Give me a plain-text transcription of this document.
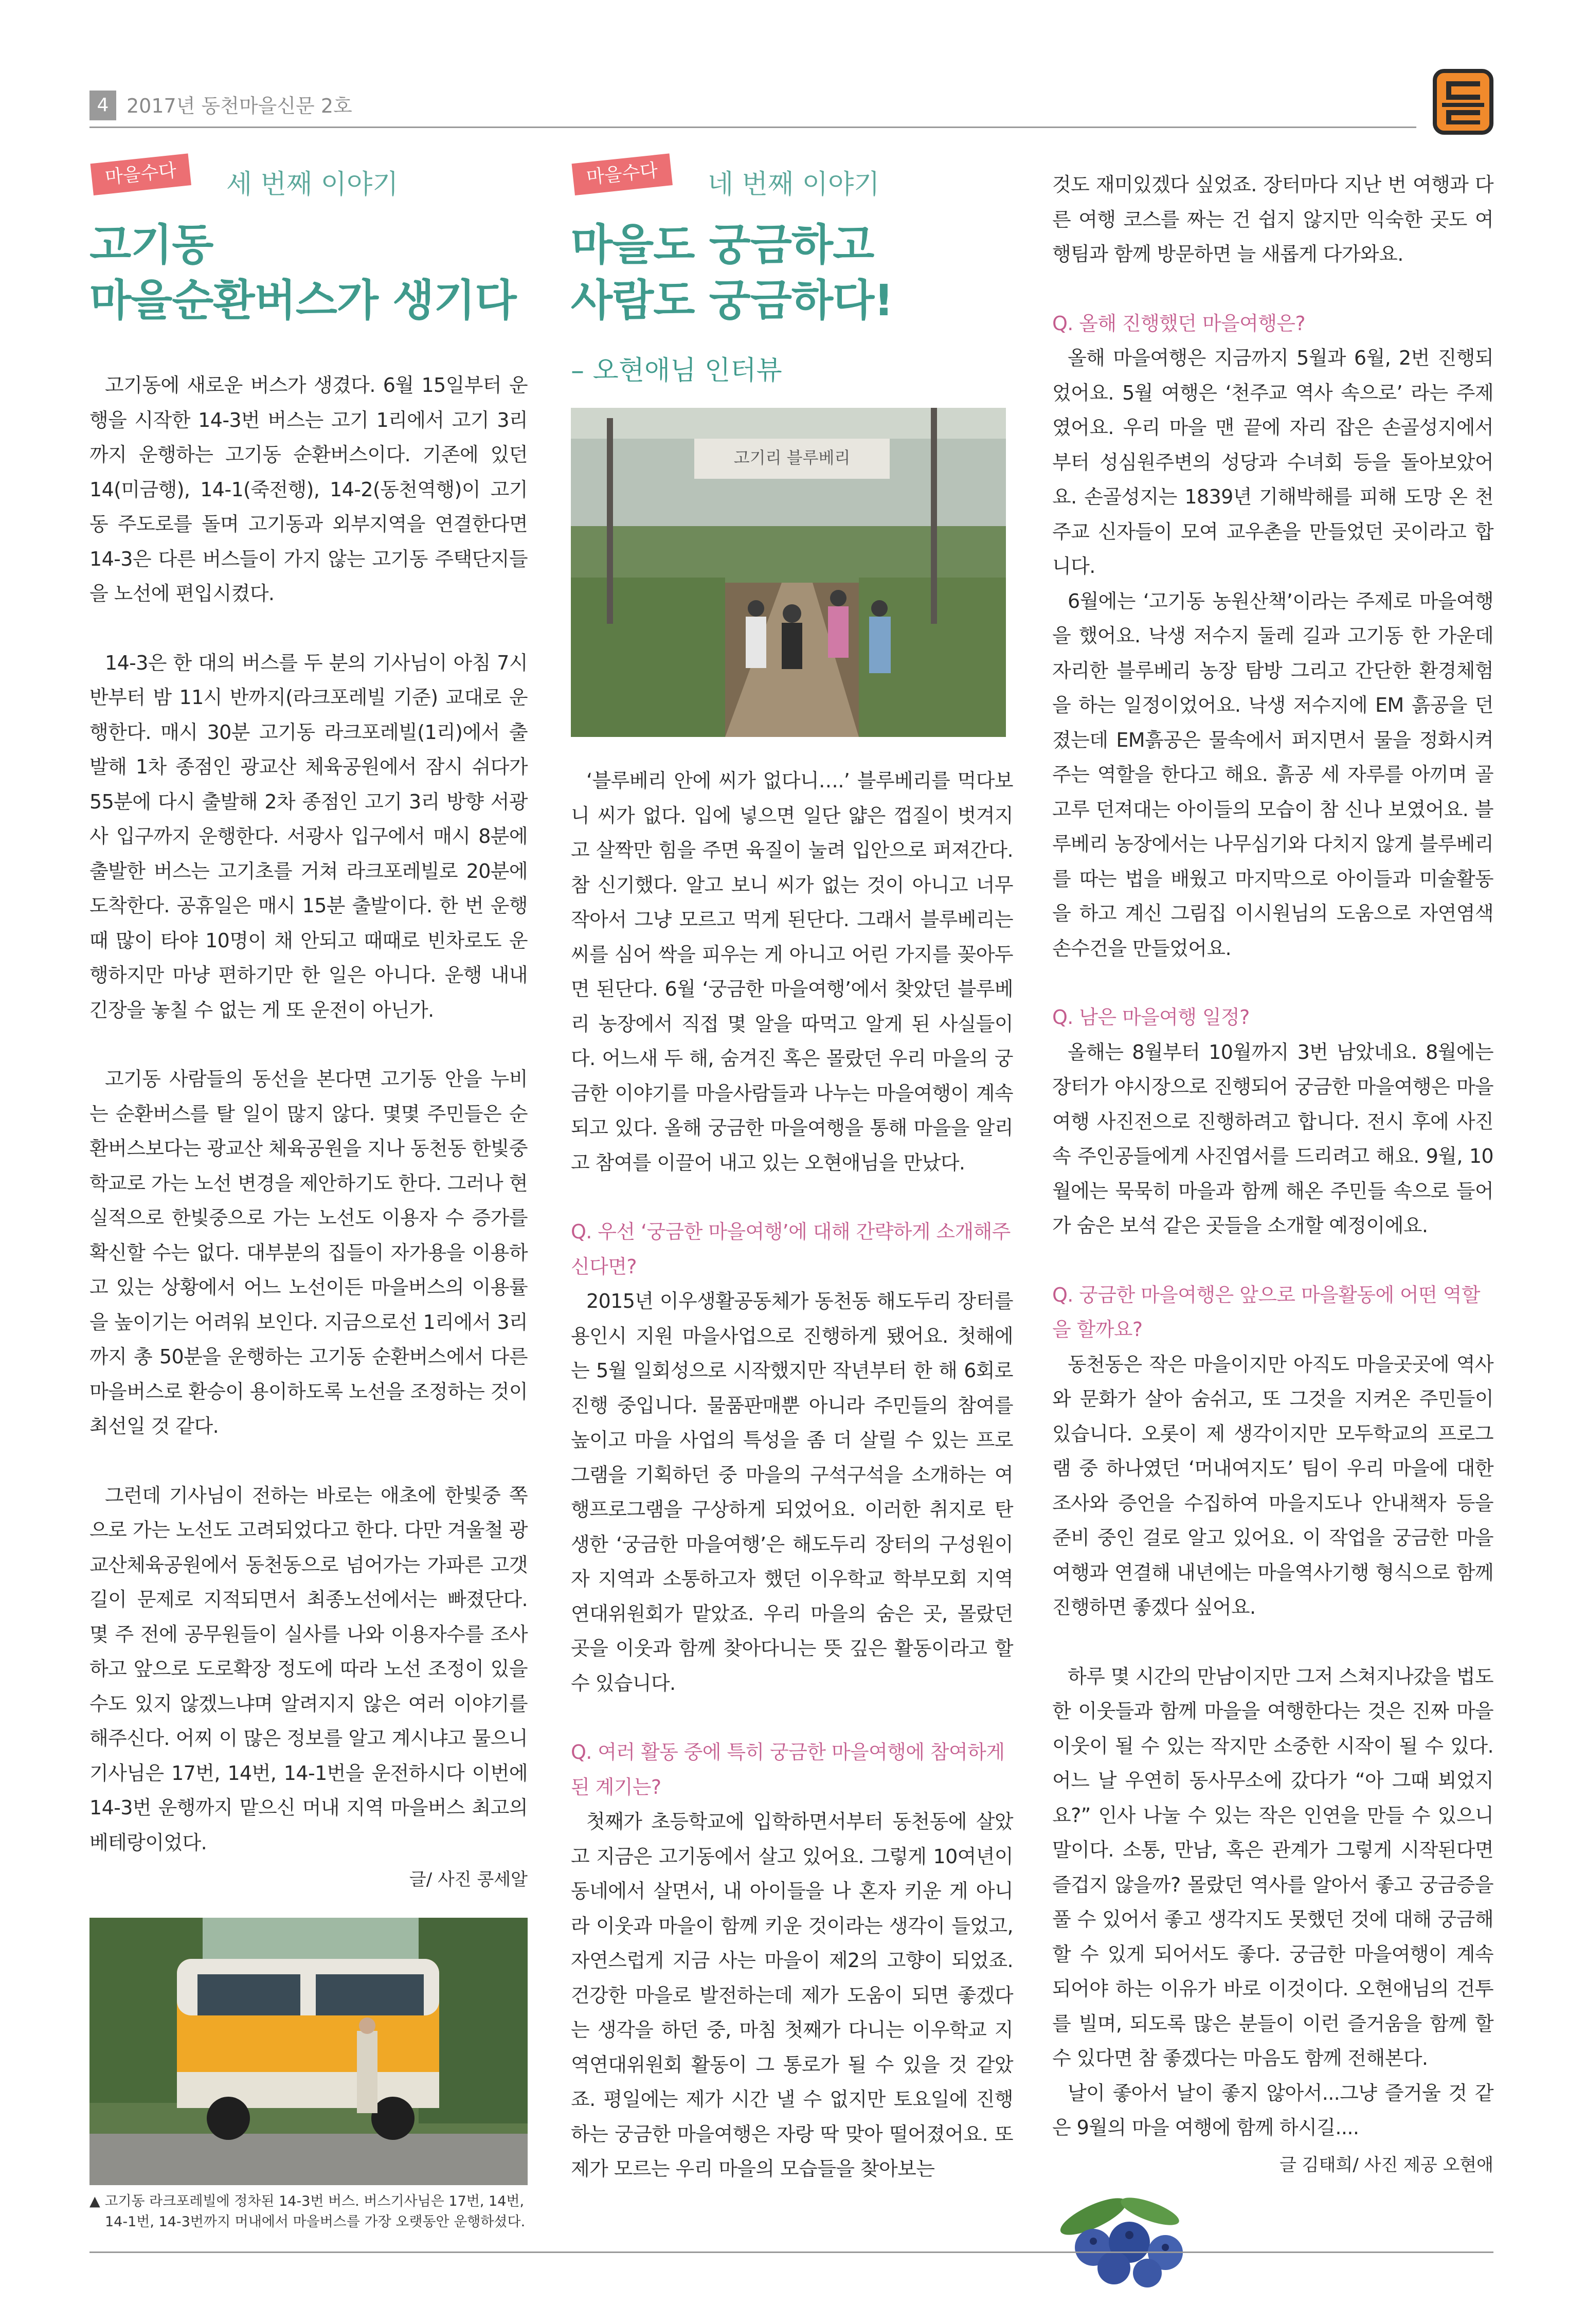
4 2017년 동천마을신문 2호
마을수다	세 번째 이야기
고기동
마을순환버스가 생기다

고기동에 새로운 버스가 생겼다. 6월 15일부터 운행을 시작한 14-3번 버스는 고기 1리에서 고기 3리까지 운행하는 고기동 순환버스이다. 기존에 있던 14(미금행), 14-1(죽전행), 14-2(동천역행)이 고기동 주도로를 돌며 고기동과 외부지역을 연결한다면 14-3은 다른 버스들이 가지 않는 고기동 주택단지들을 노선에 편입시켰다.

14-3은 한 대의 버스를 두 분의 기사님이 아침 7시 반부터 밤 11시 반까지(라크포레빌 기준) 교대로 운행한다. 매시 30분 고기동 라크포레빌(1리)에서 출발해 1차 종점인 광교산 체육공원에서 잠시 쉬다가 55분에 다시 출발해 2차 종점인 고기 3리 방향 서광사 입구까지 운행한다. 서광사 입구에서 매시 8분에 출발한 버스는 고기초를 거쳐 라크포레빌로 20분에 도착한다. 공휴일은 매시 15분 출발이다. 한 번 운행 때 많이 타야 10명이 채 안되고 때때로 빈차로도 운행하지만 마냥 편하기만 한 일은 아니다. 운행 내내 긴장을 놓칠 수 없는 게 또 운전이 아닌가.

고기동 사람들의 동선을 본다면 고기동 안을 누비는 순환버스를 탈 일이 많지 않다. 몇몇 주민들은 순환버스보다는 광교산 체육공원을 지나 동천동 한빛중학교로 가는 노선 변경을 제안하기도 한다. 그러나 현실적으로 한빛중으로 가는 노선도 이용자 수 증가를 확신할 수는 없다. 대부분의 집들이 자가용을 이용하고 있는 상황에서 어느 노선이든 마을버스의 이용률을 높이기는 어려워 보인다. 지금으로선 1리에서 3리까지 총 50분을 운행하는 고기동 순환버스에서 다른 마을버스로 환승이 용이하도록 노선을 조정하는 것이 최선일 것 같다.

그런데 기사님이 전하는 바로는 애초에 한빛중 쪽으로 가는 노선도 고려되었다고 한다. 다만 겨울철 광교산체육공원에서 동천동으로 넘어가는 가파른 고갯길이 문제로 지적되면서 최종노선에서는 빠졌단다. 몇 주 전에 공무원들이 실사를 나와 이용자수를 조사하고 앞으로 도로확장 정도에 따라 노선 조정이 있을 수도 있지 않겠느냐며 알려지지 않은 여러 이야기를 해주신다. 어찌 이 많은 정보를 알고 계시냐고 물으니 기사님은 17번, 14번, 14-1번을 운전하시다 이번에 14-3번 운행까지 맡으신 머내 지역 마을버스 최고의 베테랑이었다.

글/ 사진 콩세알
▲ 고기동 라크포레빌에 정차된 14-3번 버스. 버스기사님은 17번, 14번,
14-1번, 14-3번까지 머내에서 마을버스를 가장 오랫동안 운행하셨다.
마을수다	네 번째 이야기
마을도 궁금하고
사람도 궁금하다!
– 오현애님 인터뷰
고기리 블루베리

‘블루베리 안에 씨가 없다니….’ 블루베리를 먹다보니 씨가 없다. 입에 넣으면 일단 얇은 껍질이 벗겨지고 살짝만 힘을 주면 육질이 눌려 입안으로 퍼져간다. 참 신기했다. 알고 보니 씨가 없는 것이 아니고 너무 작아서 그냥 모르고 먹게 된단다. 그래서 블루베리는 씨를 심어 싹을 피우는 게 아니고 어린 가지를 꽂아두면 된단다. 6월 ‘궁금한 마을여행’에서 찾았던 블루베리 농장에서 직접 몇 알을 따먹고 알게 된 사실들이다. 어느새 두 해, 숨겨진 혹은 몰랐던 우리 마을의 궁금한 이야기를 마을사람들과 나누는 마을여행이 계속되고 있다. 올해 궁금한 마을여행을 통해 마을을 알리고 참여를 이끌어 내고 있는 오현애님을 만났다.

Q. 우선 ‘궁금한 마을여행’에 대해 간략하게 소개해주신다면?

2015년 이우생활공동체가 동천동 해도두리 장터를 용인시 지원 마을사업으로 진행하게 됐어요. 첫해에는 5월 일회성으로 시작했지만 작년부터 한 해 6회로 진행 중입니다. 물품판매뿐 아니라 주민들의 참여를 높이고 마을 사업의 특성을 좀 더 살릴 수 있는 프로그램을 기획하던 중 마을의 구석구석을 소개하는 여행프로그램을 구상하게 되었어요. 이러한 취지로 탄생한 ‘궁금한 마을여행’은 해도두리 장터의 구성원이자 지역과 소통하고자 했던 이우학교 학부모회 지역연대위원회가 맡았죠. 우리 마을의 숨은 곳, 몰랐던 곳을 이웃과 함께 찾아다니는 뜻 깊은 활동이라고 할 수 있습니다.

Q. 여러 활동 중에 특히 궁금한 마을여행에 참여하게 된 계기는?

첫째가 초등학교에 입학하면서부터 동천동에 살았고 지금은 고기동에서 살고 있어요. 그렇게 10여년이 동네에서 살면서, 내 아이들을 나 혼자 키운 게 아니라 이웃과 마을이 함께 키운 것이라는 생각이 들었고, 자연스럽게 지금 사는 마을이 제2의 고향이 되었죠. 건강한 마을로 발전하는데 제가 도움이 되면 좋겠다는 생각을 하던 중, 마침 첫째가 다니는 이우학교 지역연대위원회 활동이 그 통로가 될 수 있을 것 같았죠. 평일에는 제가 시간 낼 수 없지만 토요일에 진행하는 궁금한 마을여행은 자랑 딱 맞아 떨어졌어요. 또 제가 모르는 우리 마을의 모습들을 찾아보는

것도 재미있겠다 싶었죠. 장터마다 지난 번 여행과 다른 여행 코스를 짜는 건 쉽지 않지만 익숙한 곳도 여행팀과 함께 방문하면 늘 새롭게 다가와요.

Q. 올해 진행했던 마을여행은?

올해 마을여행은 지금까지 5월과 6월, 2번 진행되었어요. 5월 여행은 ‘천주교 역사 속으로’ 라는 주제였어요. 우리 마을 맨 끝에 자리 잡은 손골성지에서 부터 성심원주변의 성당과 수녀회 등을 돌아보았어요. 손골성지는 1839년 기해박해를 피해 도망 온 천주교 신자들이 모여 교우촌을 만들었던 곳이라고 합니다.

6월에는 ‘고기동 농원산책’이라는 주제로 마을여행을 했어요. 낙생 저수지 둘레 길과 고기동 한 가운데 자리한 블루베리 농장 탐방 그리고 간단한 환경체험을 하는 일정이었어요. 낙생 저수지에 EM 흙공을 던졌는데 EM흙공은 물속에서 퍼지면서 물을 정화시켜 주는 역할을 한다고 해요. 흙공 세 자루를 아끼며 골고루 던져대는 아이들의 모습이 참 신나 보였어요. 블루베리 농장에서는 나무심기와 다치지 않게 블루베리를 따는 법을 배웠고 마지막으로 아이들과 미술활동을 하고 계신 그림집 이시원님의 도움으로 자연염색 손수건을 만들었어요.

Q. 남은 마을여행 일정?

올해는 8월부터 10월까지 3번 남았네요. 8월에는 장터가 야시장으로 진행되어 궁금한 마을여행은 마을여행 사진전으로 진행하려고 합니다. 전시 후에 사진 속 주인공들에게 사진엽서를 드리려고 해요. 9월, 10월에는 묵묵히 마을과 함께 해온 주민들 속으로 들어가 숨은 보석 같은 곳들을 소개할 예정이에요.

Q. 궁금한 마을여행은 앞으로 마을활동에 어떤 역할을 할까요?

동천동은 작은 마을이지만 아직도 마을곳곳에 역사와 문화가 살아 숨쉬고, 또 그것을 지켜온 주민들이 있습니다. 오롯이 제 생각이지만 모두학교의 프로그램 중 하나였던 ‘머내여지도’ 팀이 우리 마을에 대한 조사와 증언을 수집하여 마을지도나 안내책자 등을 준비 중인 걸로 알고 있어요. 이 작업을 궁금한 마을여행과 연결해 내년에는 마을역사기행 형식으로 함께 진행하면 좋겠다 싶어요.

하루 몇 시간의 만남이지만 그저 스쳐지나갔을 법도 한 이웃들과 함께 마을을 여행한다는 것은 진짜 마을이웃이 될 수 있는 작지만 소중한 시작이 될 수 있다. 어느 날 우연히 동사무소에 갔다가 “아 그때 뵈었지요?” 인사 나눌 수 있는 작은 인연을 만들 수 있으니 말이다. 소통, 만남, 혹은 관계가 그렇게 시작된다면 즐겁지 않을까? 몰랐던 역사를 알아서 좋고 궁금증을 풀 수 있어서 좋고 생각지도 못했던 것에 대해 궁금해 할 수 있게 되어서도 좋다. 궁금한 마을여행이 계속 되어야 하는 이유가 바로 이것이다. 오현애님의 건투를 빌며, 되도록 많은 분들이 이런 즐거움을 함께 할 수 있다면 참 좋겠다는 마음도 함께 전해본다.

날이 좋아서 날이 좋지 않아서...그냥 즐거울 것 같은 9월의 마을 여행에 함께 하시길....

글 김태희/ 사진 제공 오현애
